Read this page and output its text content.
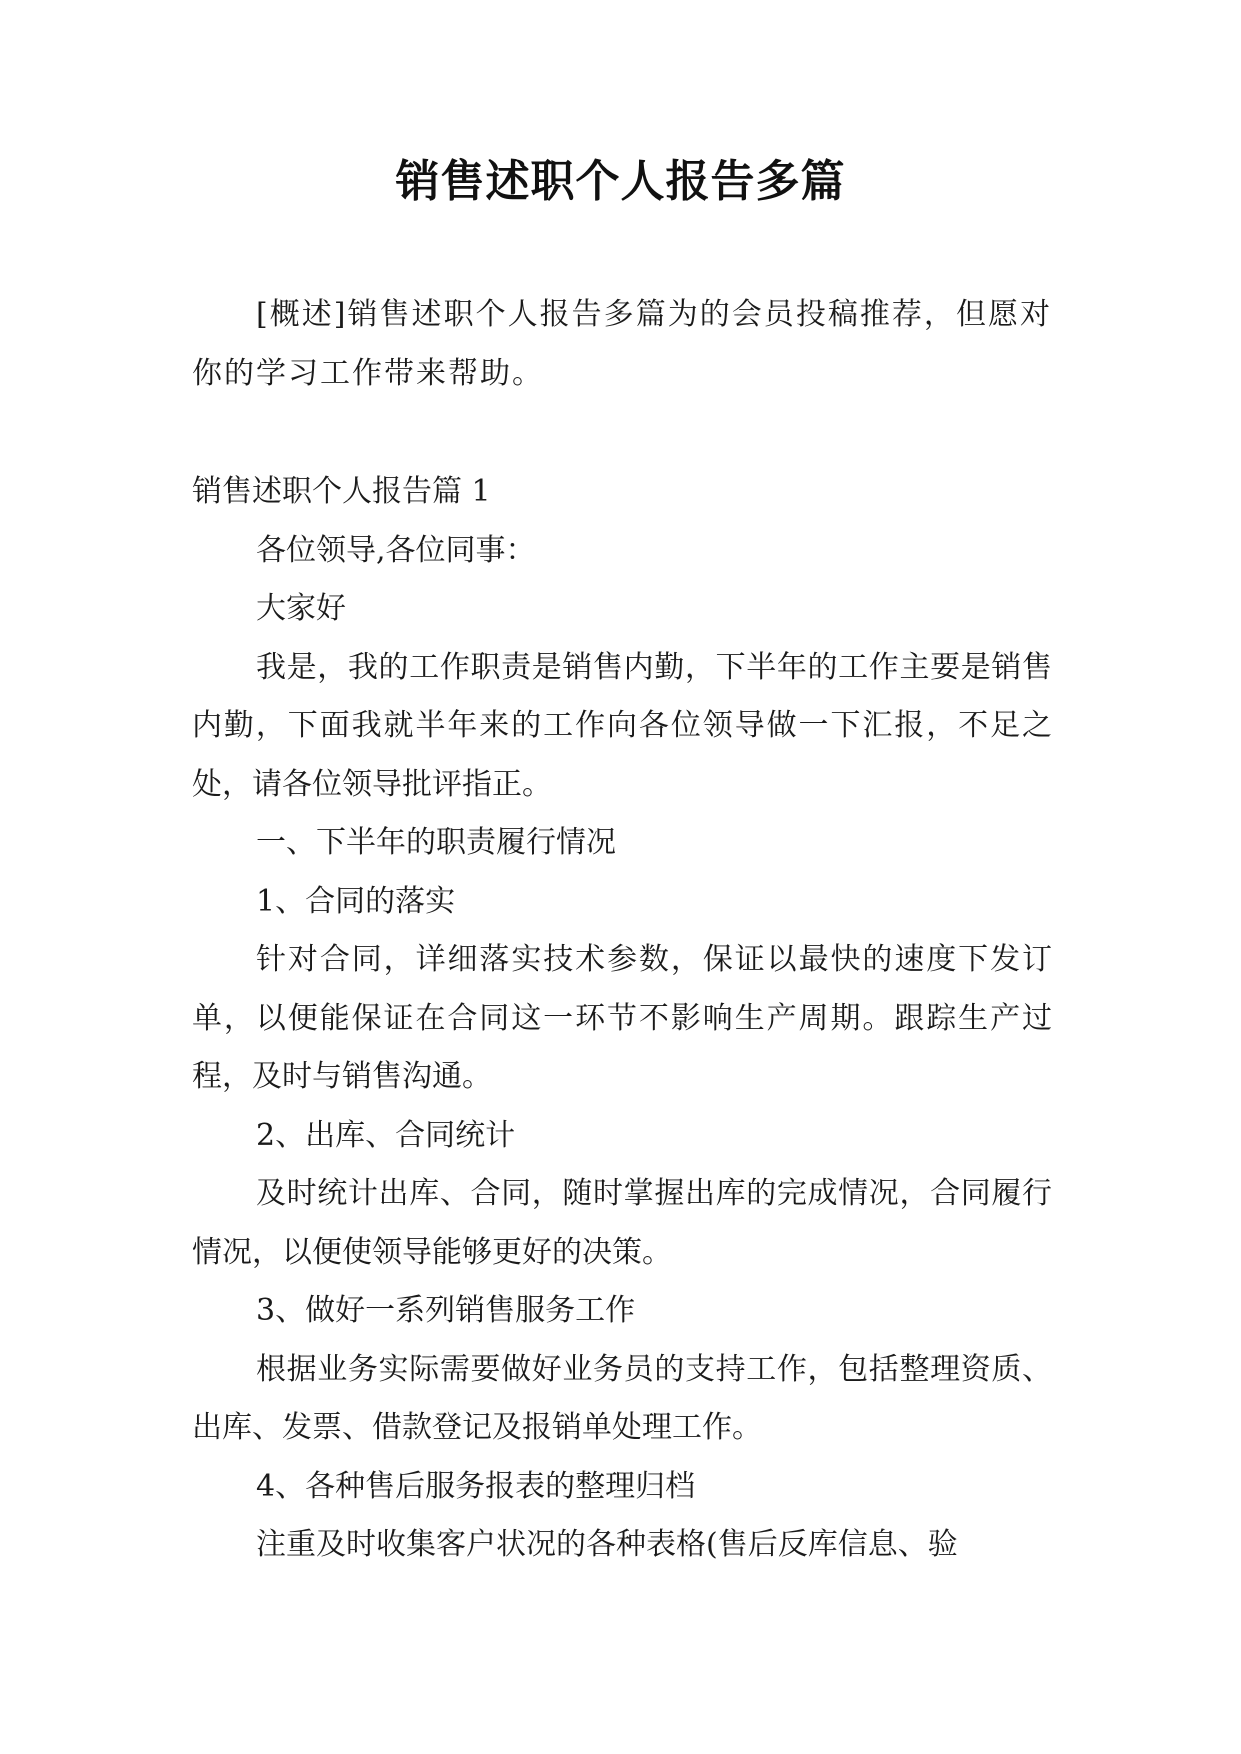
销售述职个人报告多篇

[概述]销售述职个人报告多篇为的会员投稿推荐，但愿对你的学习工作带来帮助。

销售述职个人报告篇 1

各位领导,各位同事：

大家好

我是，我的工作职责是销售内勤，下半年的工作主要是销售内勤，下面我就半年来的工作向各位领导做一下汇报，不足之处，请各位领导批评指正。

一、下半年的职责履行情况

1、合同的落实

针对合同，详细落实技术参数，保证以最快的速度下发订单，以便能保证在合同这一环节不影响生产周期。跟踪生产过程，及时与销售沟通。

2、出库、合同统计

及时统计出库、合同，随时掌握出库的完成情况，合同履行情况，以便使领导能够更好的决策。

3、做好一系列销售服务工作

根据业务实际需要做好业务员的支持工作，包括整理资质、出库、发票、借款登记及报销单处理工作。

4、各种售后服务报表的整理归档

注重及时收集客户状况的各种表格(售后反库信息、验
